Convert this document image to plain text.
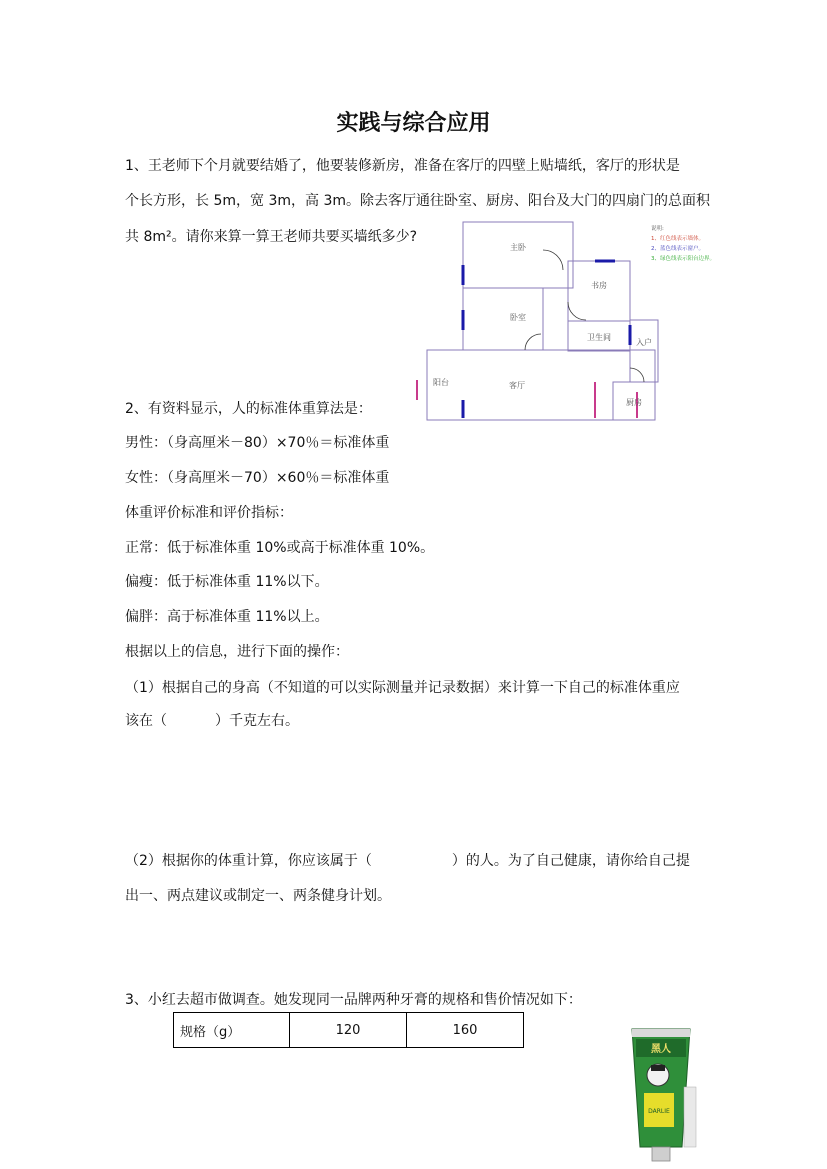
实践与综合应用
1、王老师下个月就要结婚了，他要装修新房，准备在客厅的四壁上贴墙纸，客厅的形状是
个长方形，长 5m，宽 3m，高 3m。除去客厅通往卧室、厨房、阳台及大门的四扇门的总面积
共 8m²。请你来算一算王老师共要买墙纸多少?
主卧
卧室
书房
卫生间
客厅
阳台
厨房
入户
说明:
1、红色线表示墙体。
2、蓝色线表示窗户。
3、绿色线表示阳台边界。
2、有资料显示，人的标准体重算法是：
男性：（身高厘米－80）×70％＝标准体重
女性：（身高厘米－70）×60％＝标准体重
体重评价标准和评价指标：
正常：低于标准体重 10%或高于标准体重 10%。
偏瘦：低于标准体重 11%以下。
偏胖：高于标准体重 11%以上。
根据以上的信息，进行下面的操作：
（1）根据自己的身高（不知道的可以实际测量并记录数据）来计算一下自己的标准体重应
该在（	）千克左右。
（2）根据你的体重计算，你应该属于（	）的人。为了自己健康，请你给自己提
出一、两点建议或制定一、两条健身计划。
3、小红去超市做调查。她发现同一品牌两种牙膏的规格和售价情况如下：
规格（g）	120	160
黑人
DARLIE
